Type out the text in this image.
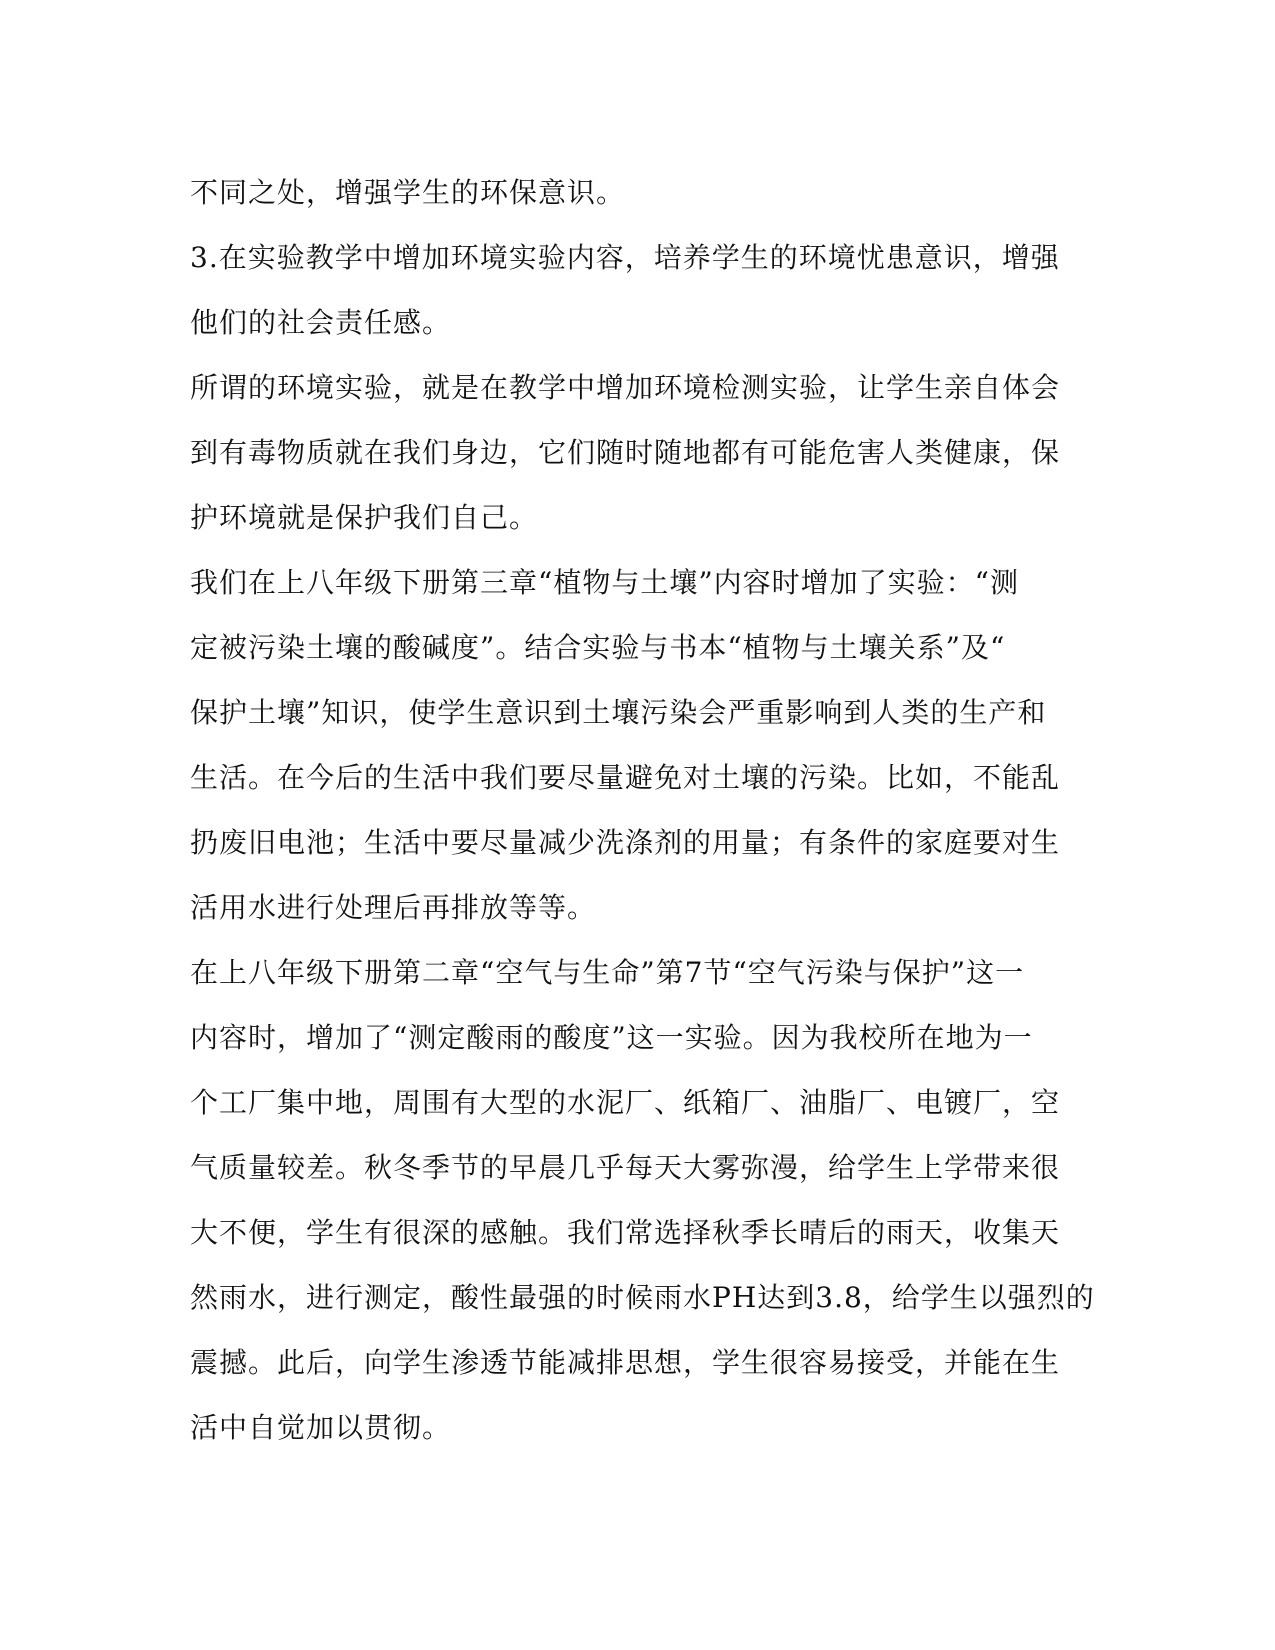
不同之处，增强学生的环保意识。
3.在实验教学中增加环境实验内容，培养学生的环境忧患意识，增强
他们的社会责任感。
所谓的环境实验，就是在教学中增加环境检测实验，让学生亲自体会
到有毒物质就在我们身边，它们随时随地都有可能危害人类健康，保
护环境就是保护我们自己。
我们在上八年级下册第三章“植物与土壤”内容时增加了实验：“测
定被污染土壤的酸碱度”。结合实验与书本“植物与土壤关系”及“
保护土壤”知识，使学生意识到土壤污染会严重影响到人类的生产和
生活。在今后的生活中我们要尽量避免对土壤的污染。比如，不能乱
扔废旧电池；生活中要尽量减少洗涤剂的用量；有条件的家庭要对生
活用水进行处理后再排放等等。
在上八年级下册第二章“空气与生命”第7节“空气污染与保护”这一
内容时，增加了“测定酸雨的酸度”这一实验。因为我校所在地为一
个工厂集中地，周围有大型的水泥厂、纸箱厂、油脂厂、电镀厂，空
气质量较差。秋冬季节的早晨几乎每天大雾弥漫，给学生上学带来很
大不便，学生有很深的感触。我们常选择秋季长晴后的雨天，收集天
然雨水，进行测定，酸性最强的时候雨水PH达到3.8，给学生以强烈的
震撼。此后，向学生渗透节能减排思想，学生很容易接受，并能在生
活中自觉加以贯彻。
